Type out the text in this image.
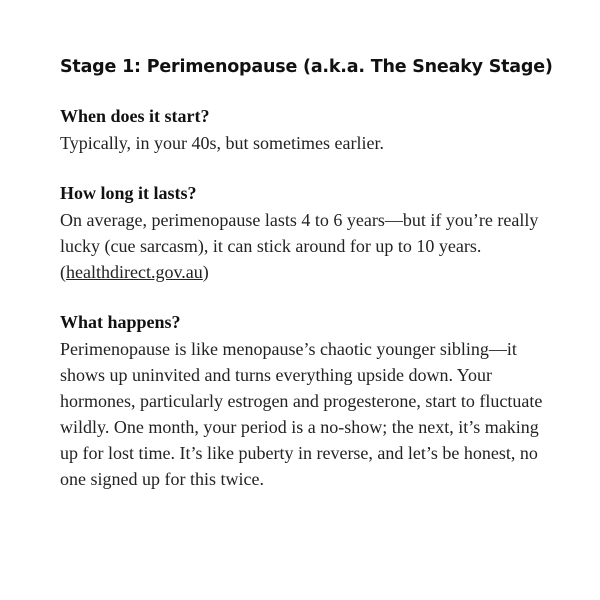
Stage 1: Perimenopause (a.k.a. The Sneaky Stage)

When does it start?

Typically, in your 40s, but sometimes earlier.

How long it lasts?

On average, perimenopause lasts 4 to 6 years—but if you’re really lucky (cue sarcasm), it can stick around for up to 10 years. (healthdirect.gov.au)

What happens?

Perimenopause is like menopause’s chaotic younger sibling—it shows up uninvited and turns everything upside down. Your hormones, particularly estrogen and progesterone, start to fluctuate wildly. One month, your period is a no-show; the next, it’s making up for lost time. It’s like puberty in reverse, and let’s be honest, no one signed up for this twice.
